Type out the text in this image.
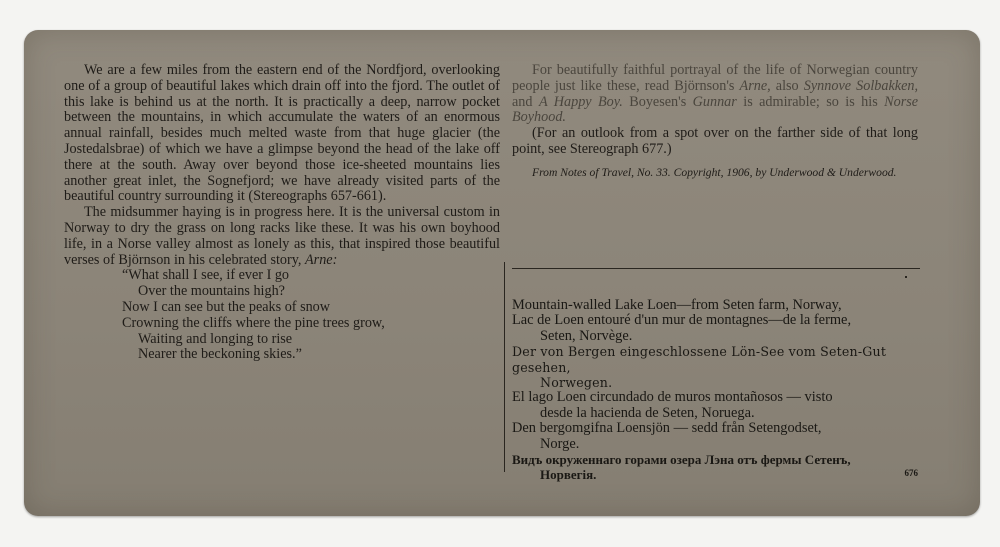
We are a few miles from the eastern end of the Nordfjord, overlooking one of a group of beautiful lakes which drain off into the fjord. The outlet of this lake is behind us at the north. It is practically a deep, narrow pocket between the mountains, in which accumulate the waters of an enormous annual rainfall, besides much melted waste from that huge glacier (the Jostedalsbrae) of which we have a glimpse beyond the head of the lake off there at the south. Away over beyond those ice-sheeted mountains lies another great inlet, the Sognefjord; we have already visited parts of the beautiful country surrounding it (Stereographs 657-661).

The midsummer haying is in progress here. It is the universal custom in Norway to dry the grass on long racks like these. It was his own boyhood life, in a Norse valley almost as lonely as this, that inspired those beautiful verses of Björnson in his celebrated story, Arne:

“What shall I see, if ever I go
Over the mountains high?
Now I can see but the peaks of snow
Crowning the cliffs where the pine trees grow,
Waiting and longing to rise
Nearer the beckoning skies.”

For beautifully faithful portrayal of the life of Norwegian country people just like these, read Björnson's Arne, also Synnove Solbakken, and A Happy Boy. Boyesen's Gunnar is admirable; so is his Norse Boyhood.

(For an outlook from a spot over on the farther side of that long point, see Stereograph 677.)

From Notes of Travel, No. 33. Copyright, 1906, by Underwood & Underwood.

Mountain-walled Lake Loen—from Seten farm, Norway,

Lac de Loen entouré d'un mur de montagnes—de la ferme,
Seten, Norvège.

Der von Bergen eingeschlossene Lön-See vom Seten-Gut gesehen,
Norwegen.

El lago Loen circundado de muros montañosos — visto
desde la hacienda de Seten, Noruega.

Den bergomgifna Loensjön — sedd från Setengodset,
Norge.

Видъ окруженнаго горами озера Лэна отъ фермы Сетенъ,
Норвегія.	676
